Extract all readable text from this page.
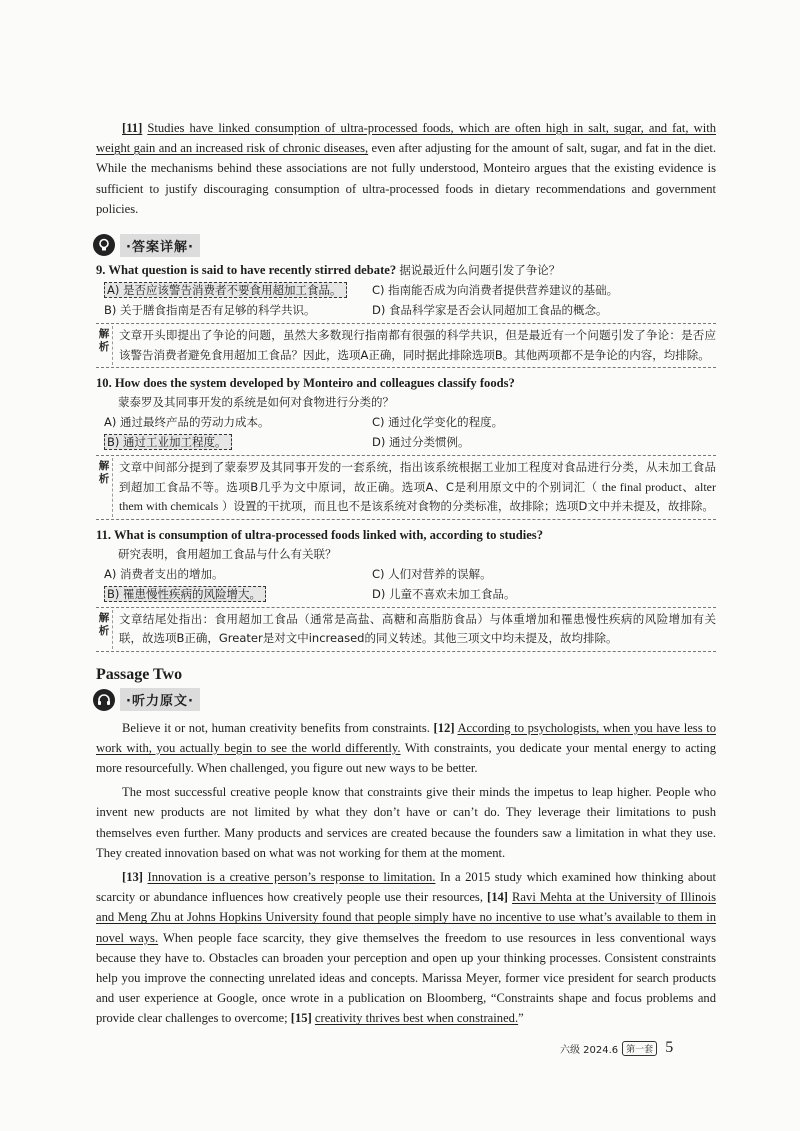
[11] Studies have linked consumption of ultra-processed foods, which are often high in salt, sugar, and fat, with weight gain and an increased risk of chronic diseases, even after adjusting for the amount of salt, sugar, and fat in the diet. While the mechanisms behind these associations are not fully understood, Monteiro argues that the existing evidence is sufficient to justify discouraging consumption of ultra-processed foods in dietary recommendations and government policies.

·答案详解·

9. What question is said to have recently stirred debate? 据说最近什么问题引发了争论？

A) 是否应该警告消费者不要食用超加工食品。	C) 指南能否成为向消费者提供营养建议的基础。
B) 关于膳食指南是否有足够的科学共识。	D) 食品科学家是否会认同超加工食品的概念。
解析
文章开头即提出了争论的问题，虽然大多数现行指南都有很强的科学共识，但是最近有一个问题引发了争论：是否应该警告消费者避免食用超加工食品？因此，选项A正确，同时据此排除选项B。其他两项都不是争论的内容，均排除。

10. How does the system developed by Monteiro and colleagues classify foods?

蒙泰罗及其同事开发的系统是如何对食物进行分类的？

A) 通过最终产品的劳动力成本。	C) 通过化学变化的程度。
B) 通过工业加工程度。	D) 通过分类惯例。
解析
文章中间部分提到了蒙泰罗及其同事开发的一套系统，指出该系统根据工业加工程度对食品进行分类，从未加工食品到超加工食品不等。选项B几乎为文中原词，故正确。选项A、C是利用原文中的个别词汇（ the final product、alter them with chemicals ）设置的干扰项，而且也不是该系统对食物的分类标准，故排除；选项D文中并未提及，故排除。

11. What is consumption of ultra-processed foods linked with, according to studies?

研究表明，食用超加工食品与什么有关联？

A) 消费者支出的增加。	C) 人们对营养的误解。
B) 罹患慢性疾病的风险增大。	D) 儿童不喜欢未加工食品。
解析
文章结尾处指出：食用超加工食品（通常是高盐、高糖和高脂肪食品）与体重增加和罹患慢性疾病的风险增加有关联，故选项B正确，Greater是对文中increased的同义转述。其他三项文中均未提及，故均排除。
Passage Two
·听力原文·

Believe it or not, human creativity benefits from constraints. [12] According to psychologists, when you have less to work with, you actually begin to see the world differently. With constraints, you dedicate your mental energy to acting more resourcefully. When challenged, you figure out new ways to be better.

The most successful creative people know that constraints give their minds the impetus to leap higher. People who invent new products are not limited by what they don’t have or can’t do. They leverage their limitations to push themselves even further. Many products and services are created because the founders saw a limitation in what they use. They created innovation based on what was not working for them at the moment.

[13] Innovation is a creative person’s response to limitation. In a 2015 study which examined how thinking about scarcity or abundance influences how creatively people use their resources, [14] Ravi Mehta at the University of Illinois and Meng Zhu at Johns Hopkins University found that people simply have no incentive to use what’s available to them in novel ways. When people face scarcity, they give themselves the freedom to use resources in less conventional ways because they have to. Obstacles can broaden your perception and open up your thinking processes. Consistent constraints help you improve the connecting unrelated ideas and concepts. Marissa Meyer, former vice president for search products and user experience at Google, once wrote in a publication on Bloomberg, “Constraints shape and focus problems and provide clear challenges to overcome; [15] creativity thrives best when constrained.”

六级 2024.6 第一套 5
